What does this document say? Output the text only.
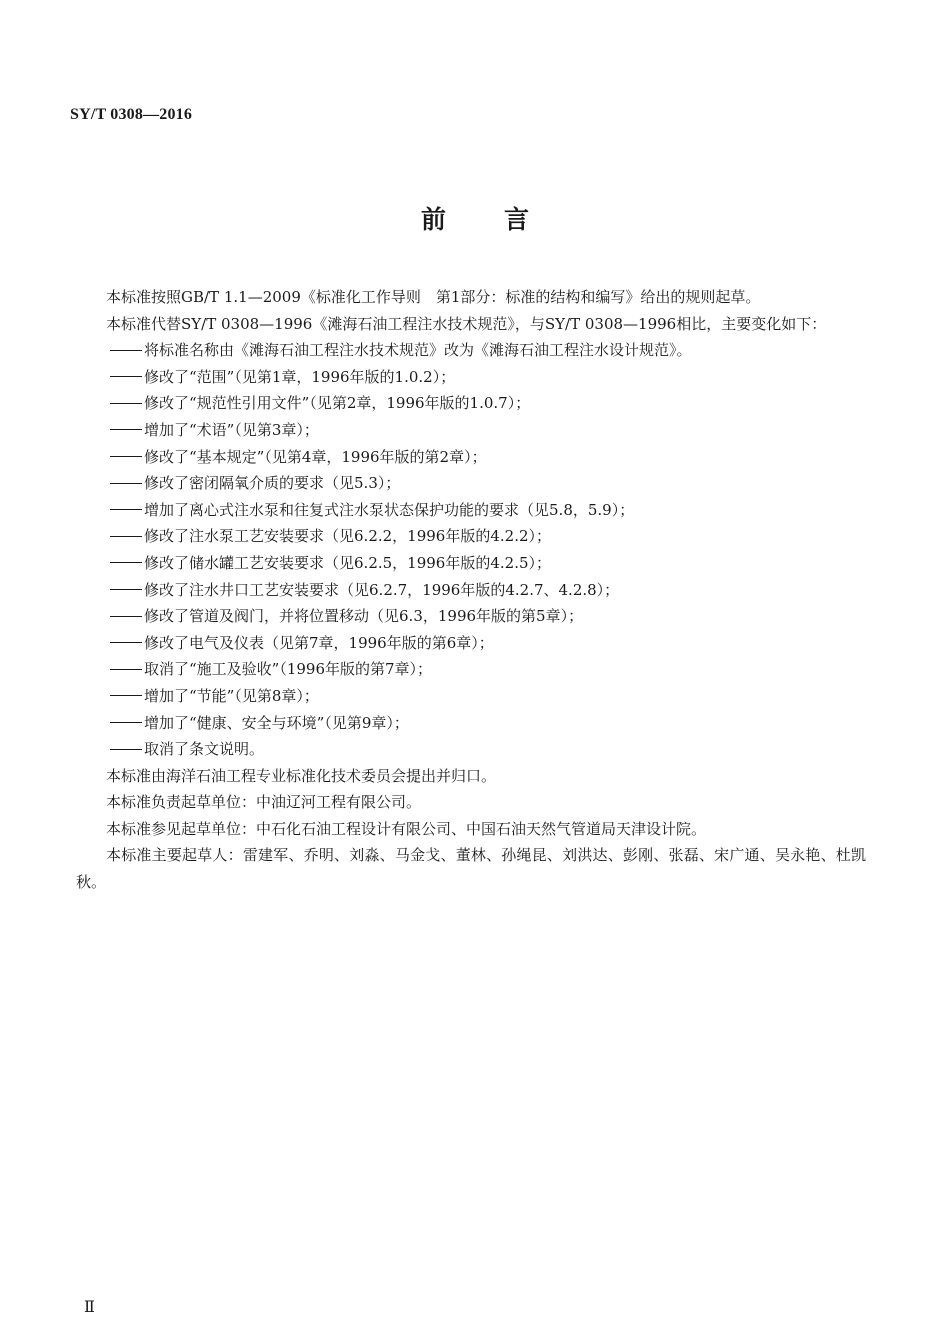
SY/T 0308—2016
前 言

本标准按照GB/T 1.1—2009《标准化工作导则　第1部分：标准的结构和编写》给出的规则起草。

本标准代替SY/T 0308—1996《滩海石油工程注水技术规范》，与SY/T 0308—1996相比，主要变化如下：

将标准名称由《滩海石油工程注水技术规范》改为《滩海石油工程注水设计规范》。

修改了“范围”（见第1章，1996年版的1.0.2）；

修改了“规范性引用文件”（见第2章，1996年版的1.0.7）；

增加了“术语”（见第3章）；

修改了“基本规定”（见第4章，1996年版的第2章）；

修改了密闭隔氧介质的要求（见5.3）；

增加了离心式注水泵和往复式注水泵状态保护功能的要求（见5.8，5.9）；

修改了注水泵工艺安装要求（见6.2.2，1996年版的4.2.2）；

修改了储水罐工艺安装要求（见6.2.5，1996年版的4.2.5）；

修改了注水井口工艺安装要求（见6.2.7，1996年版的4.2.7、4.2.8）；

修改了管道及阀门，并将位置移动（见6.3，1996年版的第5章）；

修改了电气及仪表（见第7章，1996年版的第6章）；

取消了“施工及验收”（1996年版的第7章）；

增加了“节能”（见第8章）；

增加了“健康、安全与环境”（见第9章）；

取消了条文说明。

本标准由海洋石油工程专业标准化技术委员会提出并归口。

本标准负责起草单位：中油辽河工程有限公司。

本标准参见起草单位：中石化石油工程设计有限公司、中国石油天然气管道局天津设计院。

本标准主要起草人：雷建军、乔明、刘淼、马金戈、董林、孙绳昆、刘洪达、彭刚、张磊、宋广通、吴永艳、杜凯秋。

Ⅱ
